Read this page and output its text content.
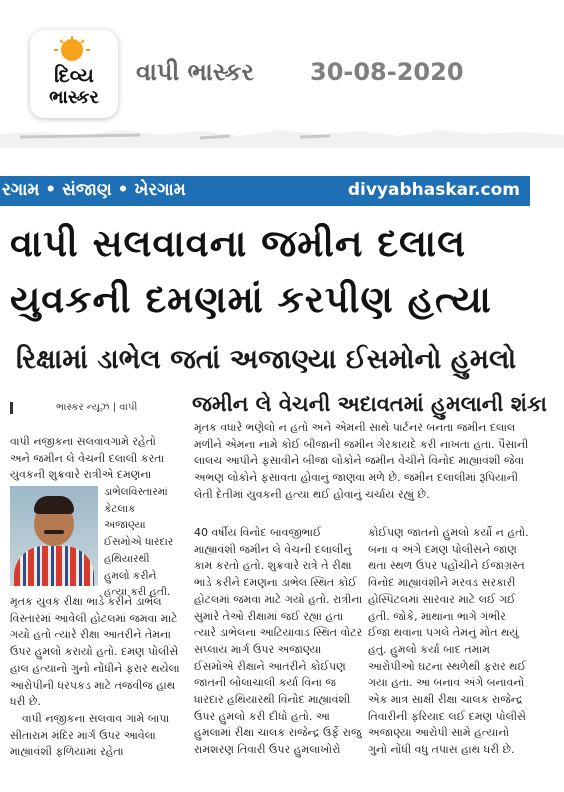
દિવ્ય
ભાસ્કર
વાપી ભાસ્કર 30-08-2020
રગામ • સંજાણ • ખેરગામ	divyabhaskar.com
વાપી સલવાવના જમીન દલાલ
યુવકની દમણમાં કરપીણ હત્યા
રિક્ષામાં ડાભેલ જતાં અજાણ્યા ઈસમોનો હુમલો
ભાસ્કર ન્યૂઝ | વાપી	જમીન લે વેચની અદાવતમાં હુમલાની શંકા
વાપી નજીકના સલવાવગામે રહેતો અને જમીન લે વેચની દલાલી કરતા યુવકની શુક્રવારે રાત્રીએ દમણના
ડાભેલવિસ્તારમાં કેટલાક અજાણ્યા ઈસમોએ ધારદાર હથિયારથી હુમલો કરીને હત્યા કરી હતી.

મૃતક યુવક રીક્ષા ભાડે કરીને ડાભેલ વિસ્તારમાં આવેલી હોટલમાં જમવા માટે ગયો હતો ત્યારે રીક્ષા આતરીને તેમના ઉપર હુમલો કરાયો હતો. દમણ પોલીસે હાલ હત્યાનો ગુનો નોંધીને ફરાર થયેલા આરોપીની ધરપકડ માટે તજવીજ હાથ ધરી છે.

વાપી નજીકના સલવાવ ગામે બાપા સીતારામ મંદિર માર્ગ ઉપર આવેલા માહ્યાવંશી ફળિયામાં રહેતા

મૃતક વધારે ભણેલો ન હતો અને એમની સાથે પાર્ટનર બનતા જમીન દલાલ મળીને એમના નામે કોઈ બીજાની જમીન ગેરકાયદે કરી નાખતા હતા. પૈસાની લાલચ આપીને ફસાવીને બીજા લોકોને જમીન વેચીને વિનોદ માહ્યાવંશી જેવા અભણ લોકોને ફસાવતા હોવાનું જાણવા મળે છે. જમીન દલાલીમાં રૂપિયાની લેતી દેતીમાં યુવકની હત્યા થઈ હોવાનું ચર્ચાય રહ્યું છે.
40 વર્ષીય વિનોદ બાવજીભાઈ માહ્યાવંશી જમીન લે વેચની દલાલીનું કામ કરતો હતો. શુક્રવારે રાત્રે તે રીક્ષા ભાડે કરીને દમણના ડાભેલ સ્થિત કોઈ હોટલમાં જમવા માટે ગયો હતો. રાત્રીના સુમારે તેઓ રીક્ષામાં જઈ રહ્યા હતા ત્યારે ડાભેલના આટિયાવાડ સ્થિત વોટર સપ્લાય માર્ગ ઉપર અજાણ્યા ઈસમોએ રીક્ષાને આતરીને કોઈપણ જાતની બોલાચાલી કર્યા વિના જ ધારદાર હથિયારથી વિનોદ માહ્યાવંશી ઉપર હુમલો કરી દીધો હતો. આ હુમલામાં રીક્ષા ચાલક રાજેન્દ્ર ઉર્ફે રાજુ રામશરણ તિવારી ઉપર હુમલાખોરો
કોઈપણ જાતનો હુમલો કર્યો ન હતો. બના વ અંગે દમણ પોલીસને જાણ થતા સ્થળ ઉપર પહોંચીને ઈજાગ્રસ્ત વિનોદ માહ્યાવંશીને મરવડ સરકારી હોસ્પિટલમાં સારવાર માટે લઈ ગઈ હતી. જોકે, માથાના ભાગે ગંભીર ઈજા થવાના પગલે તેમનું મોત થયું હતું. હુમલો કર્યા બાદ તમામ આરોપીઓ ઘટના સ્થળેથી ફરાર થઈ ગયા હતા. આ બનાવ અંગે બનાવનો એક માત્ર સાક્ષી રીક્ષા ચાલક રાજેન્દ્ર તિવારીની ફરિયાદ લઈ દમણ પોલીસે અજાણ્યા આરોપી સામે હત્યાનો ગુનો નોંધી વધુ તપાસ હાથ ધરી છે.
